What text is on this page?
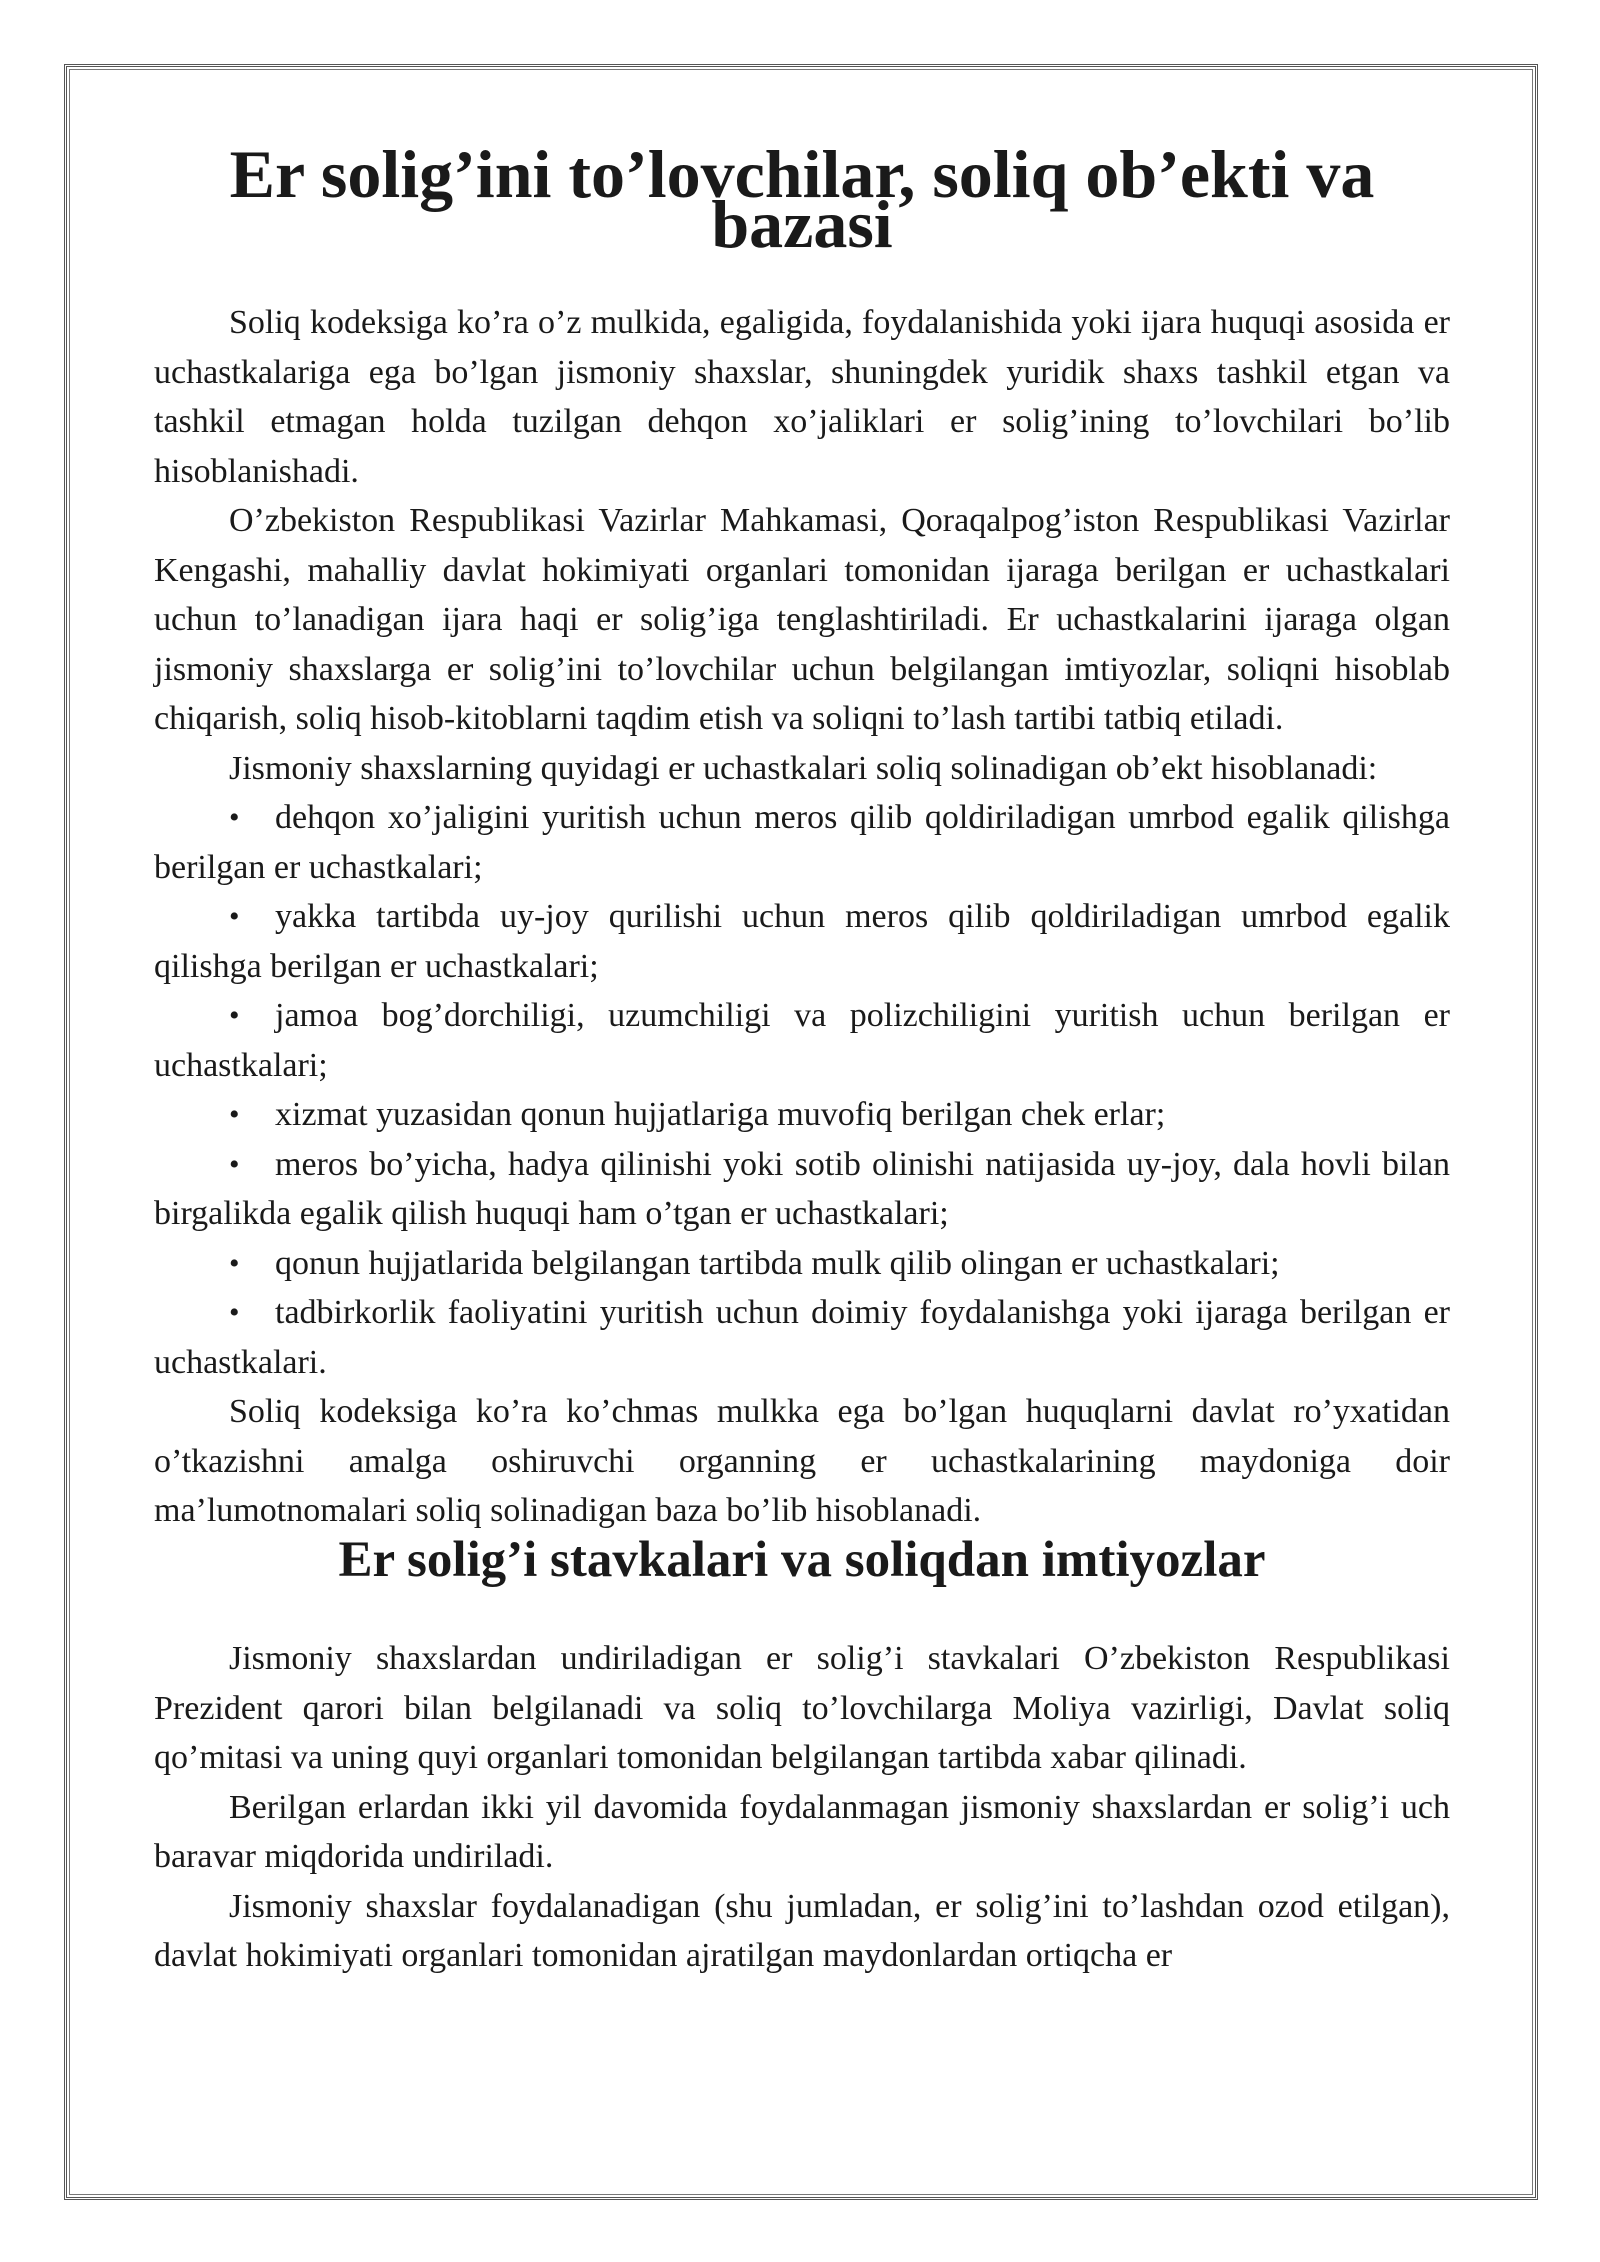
Er solig’ini to’lovchilar, soliq ob’ekti va bazasi

Soliq kodeksiga ko’ra o’z mulkida, egaligida, foydalanishida yoki ijara huquqi asosida er uchastkalariga ega bo’lgan jismoniy shaxslar, shuningdek yuridik shaxs tashkil etgan va tashkil etmagan holda tuzilgan dehqon xo’jaliklari er solig’ining to’lovchilari bo’lib hisoblanishadi.

O’zbekiston Respublikasi Vazirlar Mahkamasi, Qoraqalpog’iston Respublikasi Vazirlar Kengashi, mahalliy davlat hokimiyati organlari tomonidan ijaraga berilgan er uchastkalari uchun to’lanadigan ijara haqi er solig’iga tenglashtiriladi. Er uchastkalarini ijaraga olgan jismoniy shaxslarga er solig’ini to’lovchilar uchun belgilangan imtiyozlar, soliqni hisoblab chiqarish, soliq hisob-kitoblarni taqdim etish va soliqni to’lash tartibi tatbiq etiladi.

Jismoniy shaxslarning quyidagi er uchastkalari soliq solinadigan ob’ekt hisoblanadi:

• dehqon xo’jaligini yuritish uchun meros qilib qoldiriladigan umrbod egalik qilishga berilgan er uchastkalari;
• yakka tartibda uy-joy qurilishi uchun meros qilib qoldiriladigan umrbod egalik qilishga berilgan er uchastkalari;
• jamoa bog’dorchiligi, uzumchiligi va polizchiligini yuritish uchun berilgan er uchastkalari;
• xizmat yuzasidan qonun hujjatlariga muvofiq berilgan chek erlar;
• meros bo’yicha, hadya qilinishi yoki sotib olinishi natijasida uy-joy, dala hovli bilan birgalikda egalik qilish huquqi ham o’tgan er uchastkalari;
• qonun hujjatlarida belgilangan tartibda mulk qilib olingan er uchastkalari;
• tadbirkorlik faoliyatini yuritish uchun doimiy foydalanishga yoki ijaraga berilgan er uchastkalari.

Soliq kodeksiga ko’ra ko’chmas mulkka ega bo’lgan huquqlarni davlat ro’yxatidan o’tkazishni amalga oshiruvchi organning er uchastkalarining maydoniga doir ma’lumotnomalari soliq solinadigan baza bo’lib hisoblanadi.

Er solig’i stavkalari va soliqdan imtiyozlar

Jismoniy shaxslardan undiriladigan er solig’i stavkalari O’zbekiston Respublikasi Prezident qarori bilan belgilanadi va soliq to’lovchilarga Moliya vazirligi, Davlat soliq qo’mitasi va uning quyi organlari tomonidan belgilangan tartibda xabar qilinadi.

Berilgan erlardan ikki yil davomida foydalanmagan jismoniy shaxslardan er solig’i uch baravar miqdorida undiriladi.

Jismoniy shaxslar foydalanadigan (shu jumladan, er solig’ini to’lashdan ozod etilgan), davlat hokimiyati organlari tomonidan ajratilgan maydonlardan ortiqcha er
